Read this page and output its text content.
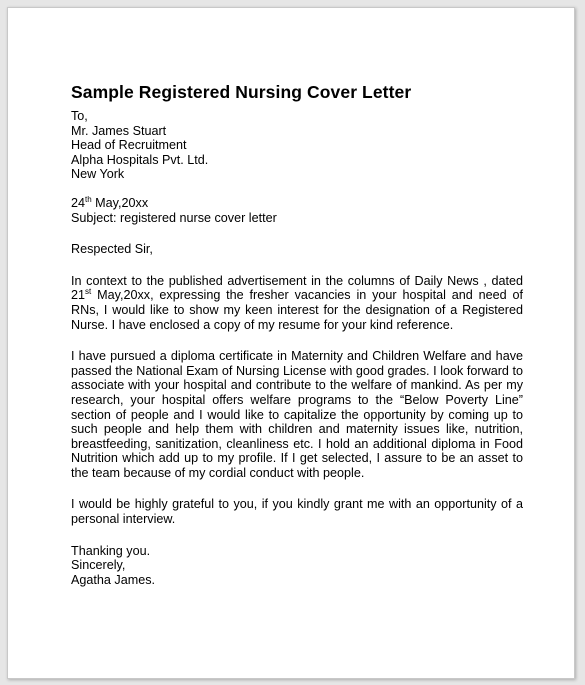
Sample Registered Nursing Cover Letter
To,
Mr. James Stuart
Head of Recruitment
Alpha Hospitals Pvt. Ltd.
New York
24th May,20xx
Subject: registered nurse cover letter
Respected Sir,

In context to the published advertisement in the columns of Daily News , dated 21st May,20xx, expressing the fresher vacancies in your hospital and need of RNs, I would like to show my keen interest for the designation of a Registered Nurse. I have enclosed a copy of my resume for your kind reference.

I have pursued a diploma certificate in Maternity and Children Welfare and have passed the National Exam of Nursing License with good grades. I look forward to associate with your hospital and contribute to the welfare of mankind. As per my research, your hospital offers welfare programs to the “Below Poverty Line” section of people and I would like to capitalize the opportunity by coming up to such people and help them with children and maternity issues like, nutrition, breastfeeding, sanitization, cleanliness etc. I hold an additional diploma in Food Nutrition which add up to my profile. If I get selected, I assure to be an asset to the team because of my cordial conduct with people.

I would be highly grateful to you, if you kindly grant me with an opportunity of a personal interview.

Thanking you.
Sincerely,
Agatha James.
